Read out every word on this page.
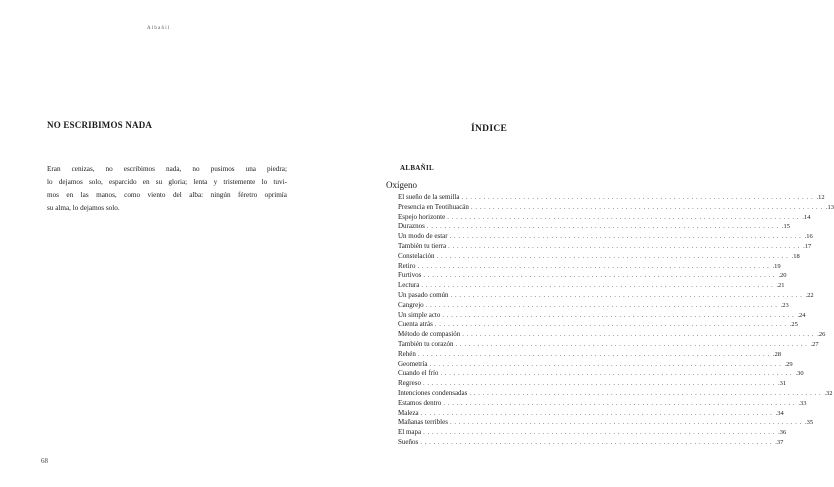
Albañil
NO ESCRIBIMOS NADA
Eran cenizas, no escribimos nada, no pusimos una piedra;
lo dejamos solo, esparcido en su gloria; lenta y tristemente lo tuvi-
mos en las manos, como viento del alba: ningún féretro oprimía
su alma, lo dejamos solo.
68
ÍNDICE
ALBAÑIL
Oxígeno
El sueño de la semilla ................................................................................ .12
Presencia en Teotihuacán ................................................................................ .13
Espejo horizonte ................................................................................ .14
Duraznos ................................................................................ .15
Un modo de estar ................................................................................ .16
También tu tierra ................................................................................ .17
Constelación ................................................................................ .18
Retiro ................................................................................ .19
Furtivos ................................................................................ .20
Lectura ................................................................................ .21
Un pasado común ................................................................................ .22
Cangrejo ................................................................................ .23
Un simple acto ................................................................................ .24
Cuenta atrás ................................................................................ .25
Método de compasión ................................................................................ .26
También tu corazón ................................................................................ .27
Rehén ................................................................................ .28
Geometría ................................................................................ .29
Cuando el frío ................................................................................ .30
Regreso ................................................................................ .31
Intenciones condensadas ................................................................................ .32
Estamos dentro ................................................................................ .33
Maleza ................................................................................ .34
Mañanas terribles ................................................................................ .35
El mapa ................................................................................ .36
Sueños ................................................................................ .37
